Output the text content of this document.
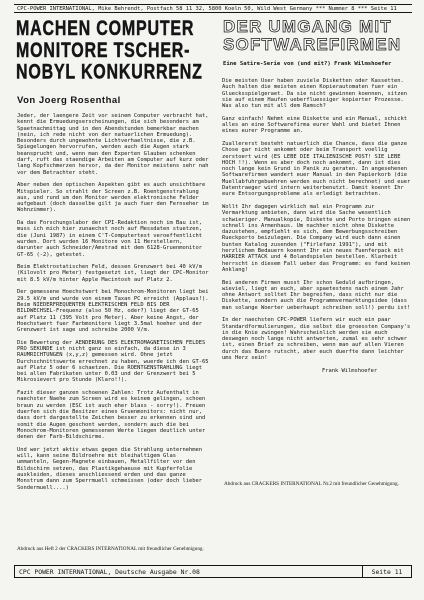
CPC-POWER INTERNATIONAL, Mike Behrendt, Postfach 58 11 32, 5800 Koeln 50, Wild West Germany *** Nummer 8 *** Seite 11
MACHEN COMPUTER
MONITORE TSCHER-
NOBYL KONKURRENZ
Von Joerg Rosenthal

Jeder, der laengere Zeit vor seinem Computer verbracht hat, kennt die Ermuedungserscheinungen, die sich besonders am Spaetnachmittag und in den Abendstunden bemerkbar machen (nein, ich rede nicht von der natuerlichen Ermuedung). Besonders durch ungewohnte Lichtverhaeltnisse, die z.B. Spiegelungen hervorrufen, werden auch die Augen stark beansprucht und, wenn man den Experten Glauben schenken darf, ruft das staendige Arbeiten am Computer auf kurz oder lang Kopfschmerzen hervor, da der Monitor meistens sehr nah vor dem Betrachter steht.

Aber neben den optischen Aspekten gibt es auch unsichtbare Mitspieler. So strahlt der Screen z.B. Roentgenstrahlung aus, und rund um den Monitor werden elektronische Felder aufgebaut (doch dasselbe gilt ja auch fuer den Fernseher im Wohnzimmer).

Da das Forschungslabor der CPI-Redaktion noch im Bau ist, muss ich mich hier zunaechst noch auf Messdaten stuetzen, die (Juni 1987) in einem C'T-Computertest veroeffentlicht wurden. Dort wurden 16 Monitore von 11 Herstellern, darunter auch Schneider/Amstrad mit dem 6128-Gruenmonitor GT-65 (-2), getestet.

Beim Elektrostatischen Feld, dessen Grenzwert bei 40 kV/m (Kilovolt pro Meter) festgesetzt ist, liegt der CPC-Monitor mit 8.5 kV/m hinter Apple Macintosh auf Platz 2.

Der gemessene Hoechstwert bei Monochrom-Monitoren liegt bei 29.5 kV/m und wurde von einem Taxan PC erreicht (Applaus!). Beim NIEDERFREQUENTEN ELEKTRISCHEN FELD BIS DER BILDWECHSEL-Frequenz (also 50 Hz, oder?) liegt der GT-65 auf Platz 11 (395 Volt pro Meter). Aber keine Angst, der Hoechstwert fuer Farbmonitore liegt 3.5mal hoeher und der Grenzwert ist sage und schreibe 2000 V/m.

Die Bewertung der AENDERUNG DES ELEKTROMAGNETISCHEN FELDES PRO SEKUNDE ist nicht ganz so einfach, da diese in 3 RAUMRICHTUNGEN (x,y,z) gemessen wird. Ohne jetzt Durchschnittswerte errechnet zu haben, wuerde ich den GT-65 auf Platz 5 oder 6 schaetzen. Die ROENTGENSTRAHLUNG liegt bei allen Fabrikaten unter 0.03 und der Grenzwert bei 5 Mikrosievert pro Stunde (Klaro!!).

Fazit dieser ganzen schoenen Zahlen: Trotz Aufenthalt in naechster Naehe zum Screen wird es keinem gelingen, schoen braun zu werden (ESC ist auch eher blass - sorry!). Freuen duerfen sich die Besitzer eines Gruenmonitors: nicht nur, dass dort dargestellte Zeichen besser zu erkennen sind und somit die Augen geschont werden, sondern auch die bei Monochrom-Monitoren gemessenen Werte liegen deutlich unter denen der Farb-Bildschirme.

Und wer jetzt aktiv etwas gegen die Strahlung unternehmen will, kann seine Bildroehre mit bleihaltigem Glas ummanteln, Gegen-Magnete einbauen, Metallfilter vor den Bildschirm setzen, das Plastikgehaeuse mit Kupferfolie auskleiden, dieses anschliessend erden und das ganze Monstrum dann zum Sperrmuell schmeissen (oder doch lieber Sondermuell....)

Abdruck aus Heft 2 der CRACKERS INTERNATIONAL mit freundlicher Genehmigung.
DER UMGANG MIT
SOFTWAREFIRMEN
Eine Satire-Serie von (und mit?) Frank Wilmshoefer

Die meisten User haben zuviele Disketten oder Kassetten. Auch halten die meisten einen Kopierautomaten fuer ein Gluecksspielgeraet. Da sie nicht gewinnen koennen, sitzen sie auf einem Haufen ueberfluessiger kopierter Prozesse. Was also tun mit all dem Ramsch?

Ganz einfach! Nehmt eine Diskette und ein Manual, schickt alles an eine Softwarefirma eurer Wahl und bietet Ihnen eines eurer Programme an.

Zuallererst besteht natuerlich die Chance, dass die ganze Chose gar nicht ankommt oder beim Transport voellig zerstoert wird (ES LEBE DIE ITALIENISCHE POST! SIE LEBE HOCH !!). Wenn es aber doch noch ankommt, dann ist dies noch lange kein Grund in Panik zu geraten. In angesehenen Softwarefirmen wandert euer Manual in den Papierkorb (die Muellabfuhrgebuehren werden euch nicht berechnet) und euer Datentraeger wird intern weiterbenutzt. Damit koennt Ihr eure Entsorgungsprobleme als erledigt betrachten.

Wollt Ihr dagegen wirklich mal ein Programm zur Vermarktung anbieten, dann wird die Sache wesentlich schwieriger. Manualkopie, Diskette und Porto bringen einen schnell ins Armenhaus. Um nachher nicht ohne Diskette dazustehen, empfiehlt es sich, dem Bewerbungsschreiben Rueckporto beizulegen. Die Company wird euch dann einen bunten Katalog zusenden ("Firlefanz 1991"), und mit herzlichem Bedauern koennt Ihr ein neues Fuenferpack mit HARRIER ATTACK und 4 Bolandspielen bestellen. Klarheit herrscht in diesem Fall ueber das Programm: es fand keinen Anklang!

Bei anderen Firmen musst Ihr schon Geduld aufbringen, wieviel, liegt an euch, aber spaetestens nach einem Jahr ohne Antwort solltet Ihr begreifen, dass nicht nur die Diskette, sondern auch die Programmvermarktungsidee (dass man solange Woerter ueberhaupt schreiben soll!) perdu ist!

In der naechsten CPC-POWER liefern wir euch ein paar Standardformulierungen, die selbst die groessten Company's in die Knie zwingen! Wahrscheinlich werden sie euch deswegen noch lange nicht antworten, zumal es sehr schwer ist, einen Brief zu schreiben, wenn man auf allen Vieren durch das Buero rutscht, aber euch duerfte dann leichter ums Herz sein!

Frank Wilmshoefer

Abdruck aus CRACKERS INTERNATIONAL Nr.2 mit freundlicher Genehmigung.
CPC POWER INTERNATIONAL, Deutsche Ausgabe Nr.08	Seite 11
